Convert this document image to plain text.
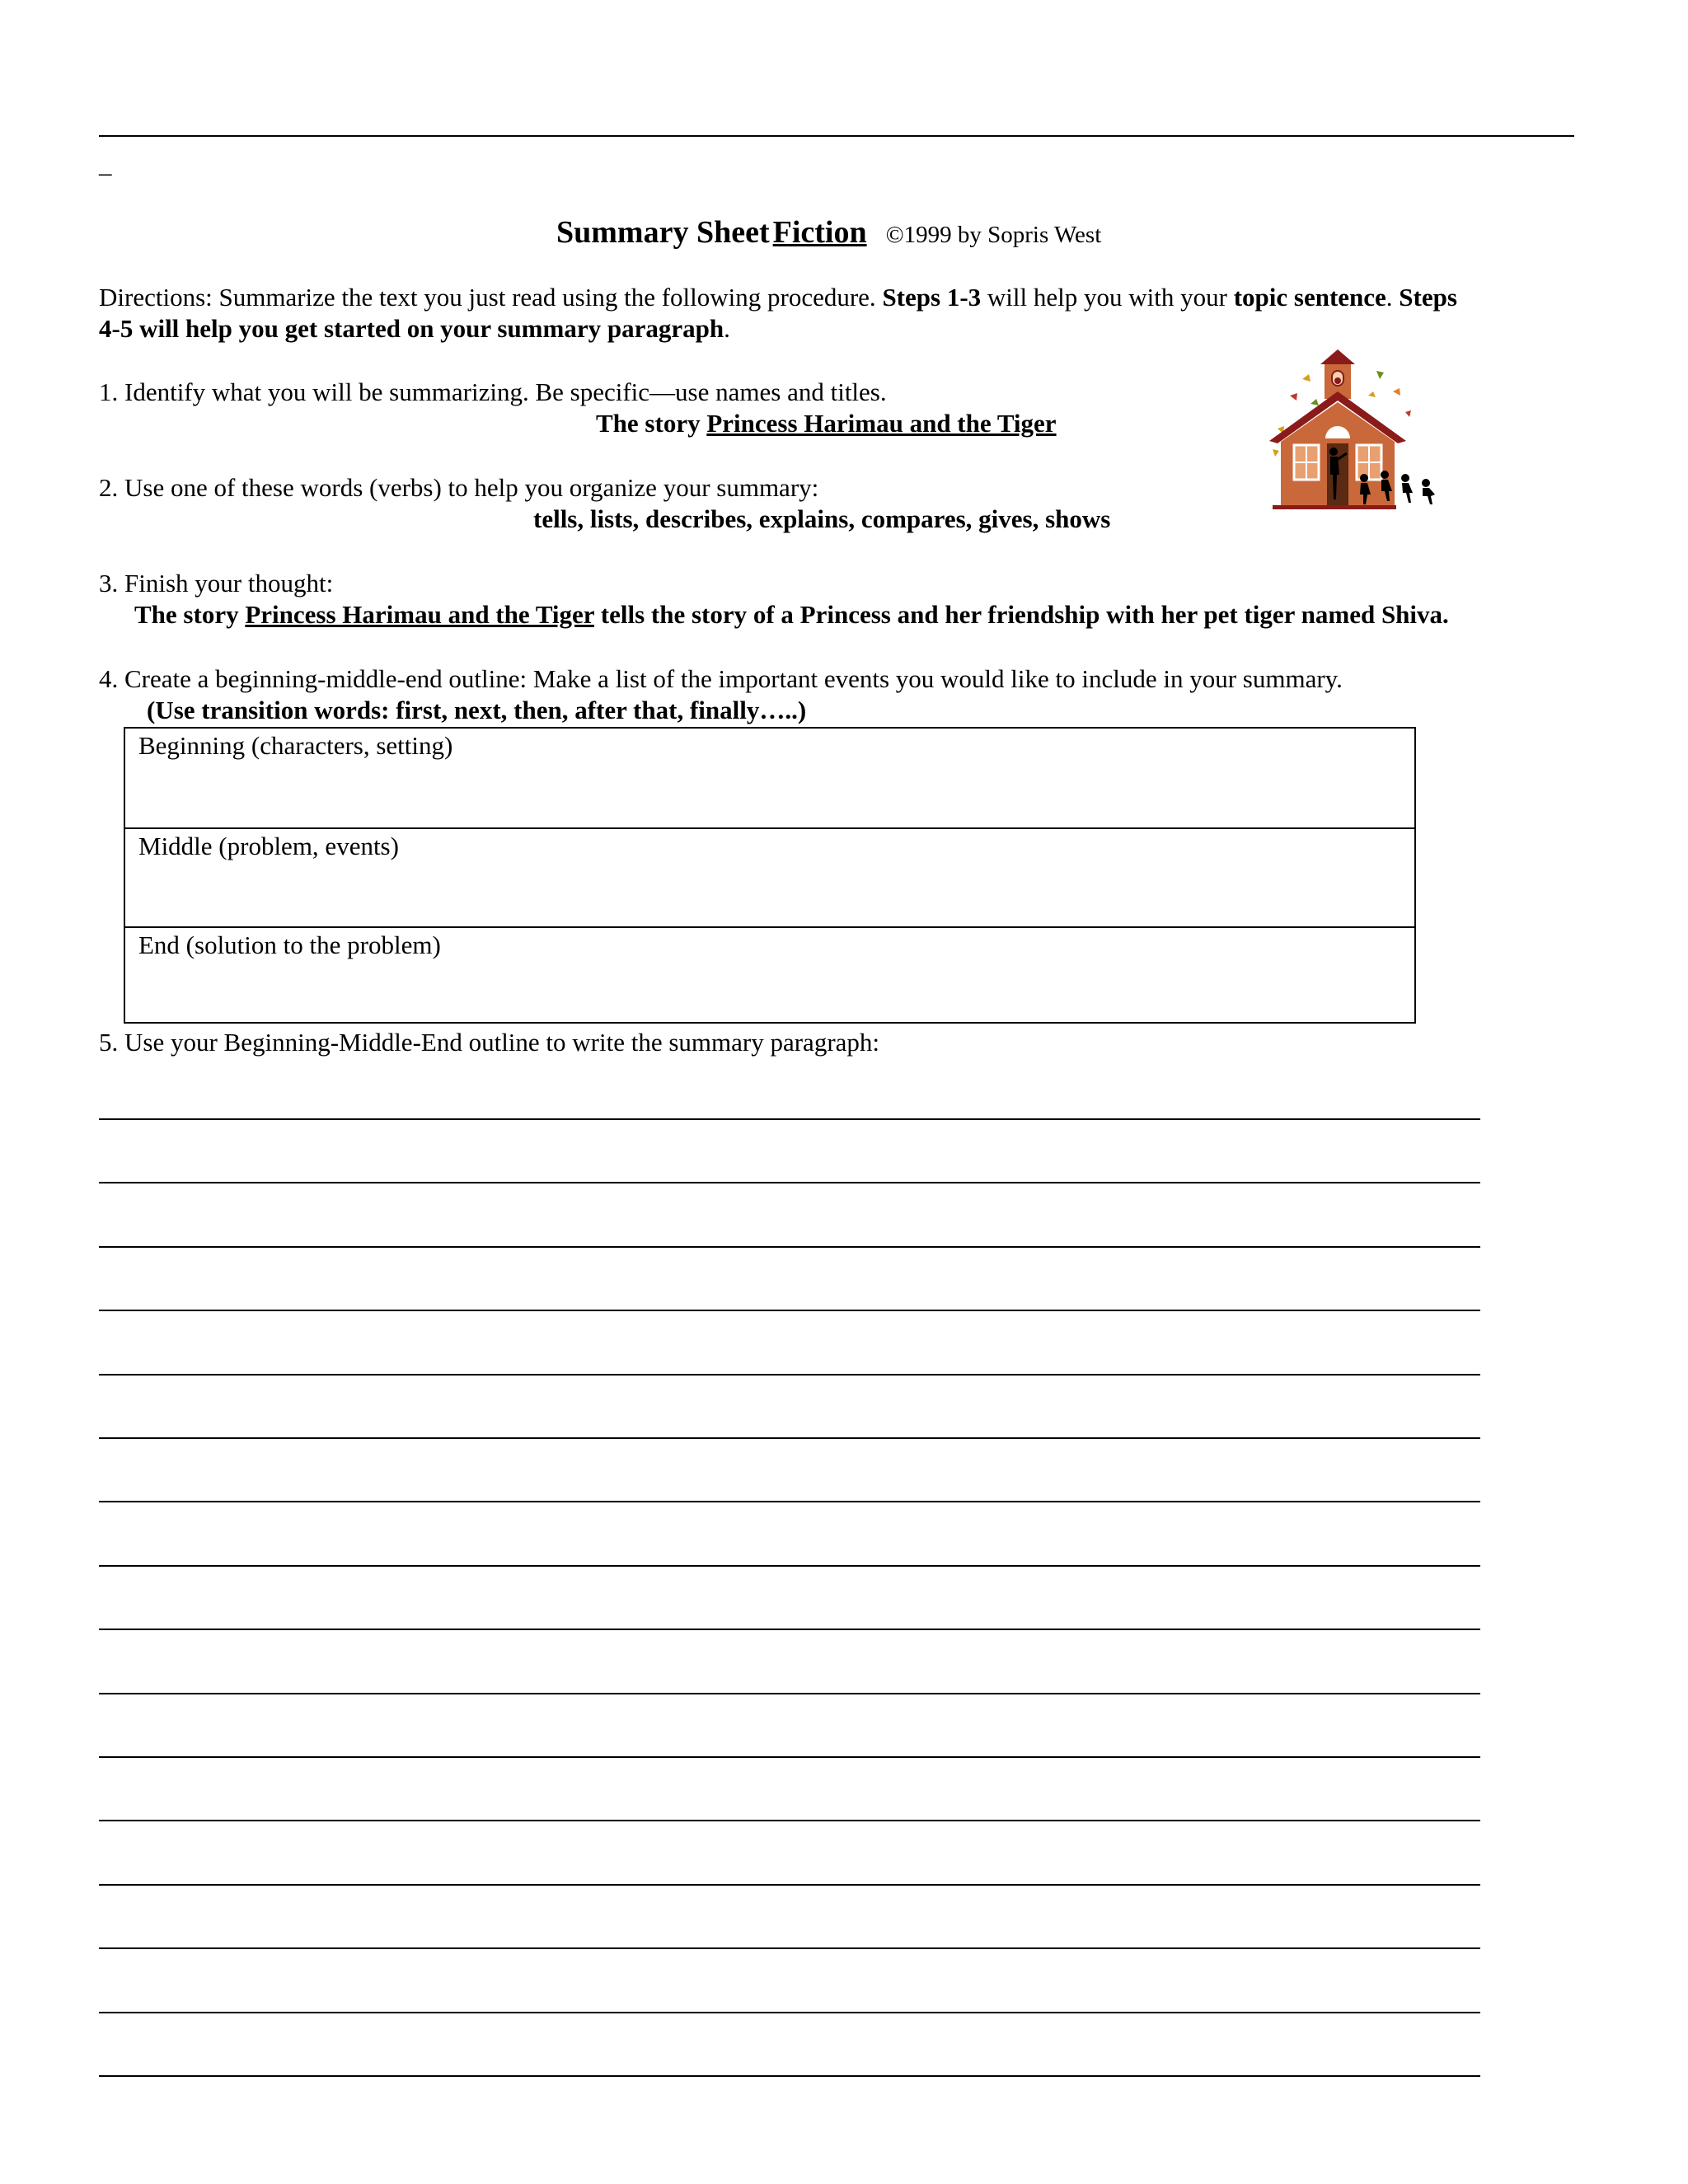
_
Summary Sheet Fiction ©1999 by Sopris West
Directions: Summarize the text you just read using the following procedure. Steps 1-3 will help you with your topic sentence. Steps
4-5 will help you get started on your summary paragraph.
1. Identify what you will be summarizing. Be specific—use names and titles.
The story Princess Harimau and the Tiger
2. Use one of these words (verbs) to help you organize your summary:
tells, lists, describes, explains, compares, gives, shows
3. Finish your thought:
The story Princess Harimau and the Tiger tells the story of a Princess and her friendship with her pet tiger named Shiva.
4. Create a beginning-middle-end outline: Make a list of the important events you would like to include in your summary.
(Use transition words: first, next, then, after that, finally…..)
Beginning (characters, setting)
Middle (problem, events)
End (solution to the problem)
5. Use your Beginning-Middle-End outline to write the summary paragraph:
